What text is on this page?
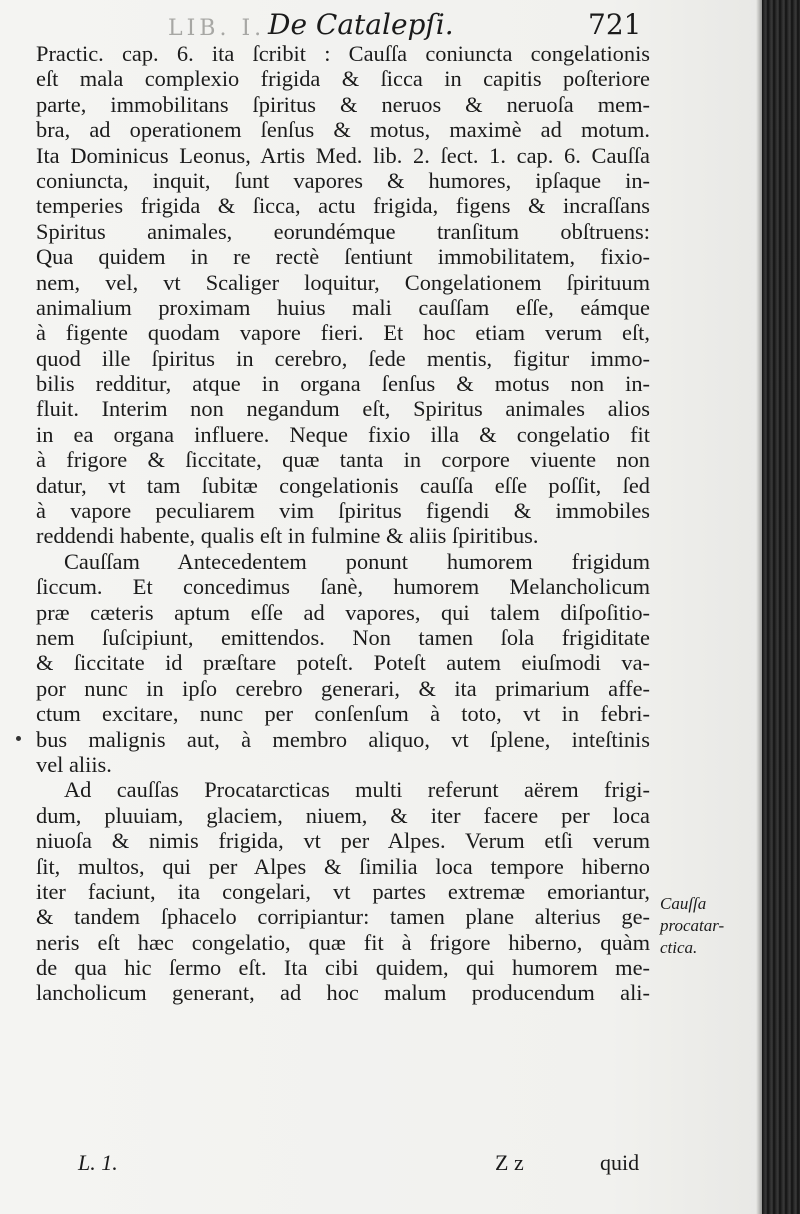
LIB. I. De Catalepſi.	721
Practic. cap. 6. ita ſcribit : Cauſſa coniuncta congelationis
eſt mala complexio frigida & ſicca in capitis poſteriore
parte, immobilitans ſpiritus & neruos & neruoſa mem-
bra, ad operationem ſenſus & motus, maximè ad motum.
Ita Dominicus Leonus, Artis Med. lib. 2. ſect. 1. cap. 6. Cauſſa
coniuncta, inquit, ſunt vapores & humores, ipſaque in-
temperies frigida & ſicca, actu frigida, figens & incraſſans
Spiritus animales, eorundémque tranſitum obſtruens:
Qua quidem in re rectè ſentiunt immobilitatem, fixio-
nem, vel, vt Scaliger loquitur, Congelationem ſpirituum
animalium proximam huius mali cauſſam eſſe, eámque
à figente quodam vapore fieri. Et hoc etiam verum eſt,
quod ille ſpiritus in cerebro, ſede mentis, figitur immo-
bilis redditur, atque in organa ſenſus & motus non in-
fluit. Interim non negandum eſt, Spiritus animales alios
in ea organa influere. Neque fixio illa & congelatio fit
à frigore & ſiccitate, quæ tanta in corpore viuente non
datur, vt tam ſubitæ congelationis cauſſa eſſe poſſit, ſed
à vapore peculiarem vim ſpiritus figendi & immobiles
reddendi habente, qualis eſt in fulmine & aliis ſpiritibus.
Cauſſam Antecedentem ponunt humorem frigidum
ſiccum. Et concedimus ſanè, humorem Melancholicum
præ cæteris aptum eſſe ad vapores, qui talem diſpoſitio-
nem ſuſcipiunt, emittendos. Non tamen ſola frigiditate
& ſiccitate id præſtare poteſt. Poteſt autem eiuſmodi va-
por nunc in ipſo cerebro generari, & ita primarium affe-
ctum excitare, nunc per conſenſum à toto, vt in febri-
bus malignis aut, à membro aliquo, vt ſplene, inteſtinis
vel aliis.
Ad cauſſas Procatarcticas multi referunt aërem frigi-
dum, pluuiam, glaciem, niuem, & iter facere per loca
niuoſa & nimis frigida, vt per Alpes. Verum etſi verum
ſit, multos, qui per Alpes & ſimilia loca tempore hiberno
iter faciunt, ita congelari, vt partes extremæ emoriantur,
& tandem ſphacelo corripiantur: tamen plane alterius ge-
neris eſt hæc congelatio, quæ fit à frigore hiberno, quàm
de qua hic ſermo eſt. Ita cibi quidem, qui humorem me-
lancholicum generant, ad hoc malum producendum ali-
Cauſſa
procatar-
ctica.
L. 1.	Z z	quid
